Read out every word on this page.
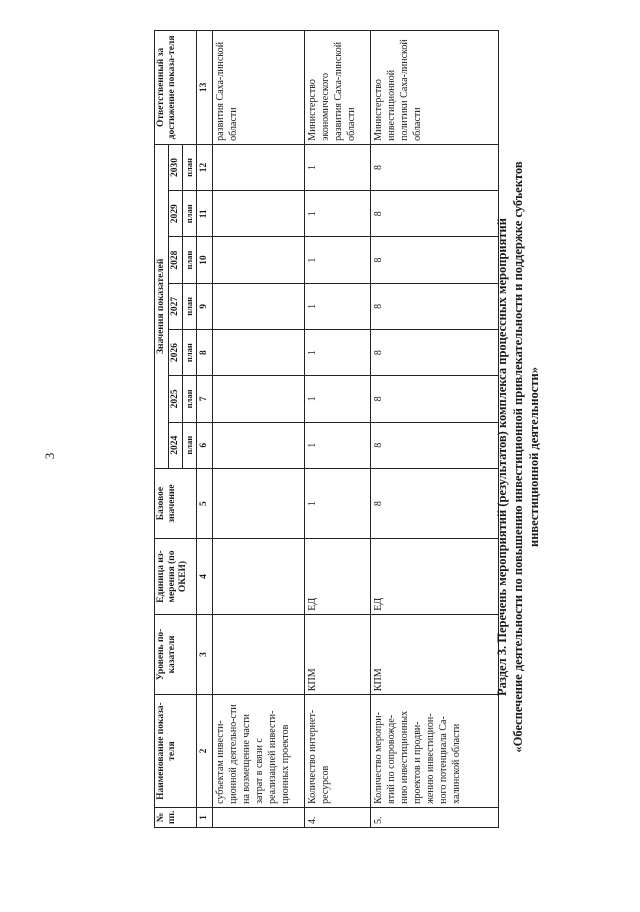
3
№ пп.	Наименование показа-теля	Уровень по-казателя	Единица из-мерения (по ОКЕИ)	Базовое значение	Значения показателей							Ответственный за достижение показа-теля
					2024	2025	2026	2027	2028	2029	2030	
					план	план	план	план	план	план	план	
1	2	3	4	5	6	7	8	9	10	11	12	13
	субъектам инвести-ционной деятельно-сти на возмещение части затрат в связи с реализацией инвести-ционных проектов											развития Саха-линской области
4.	Количество интернет-ресурсов	КПМ	ЕД	1	1	1	1	1	1	1	1	Министерство экономического развития Саха-линской области
5.	Количество меропри-ятий по сопровожде-нию инвестиционных проектов и продви-жению инвестицион-ного потенциала Са-халинской области	КПМ	ЕД	8	8	8	8	8	8	8	8	Министерство инвестиционной политики Саха-линской области
Раздел 3. Перечень мероприятий (результатов) комплекса процессных мероприятий «Обеспечение деятельности по повышению инвестиционной привлекательности и поддержке субъектов инвестиционной деятельности»
